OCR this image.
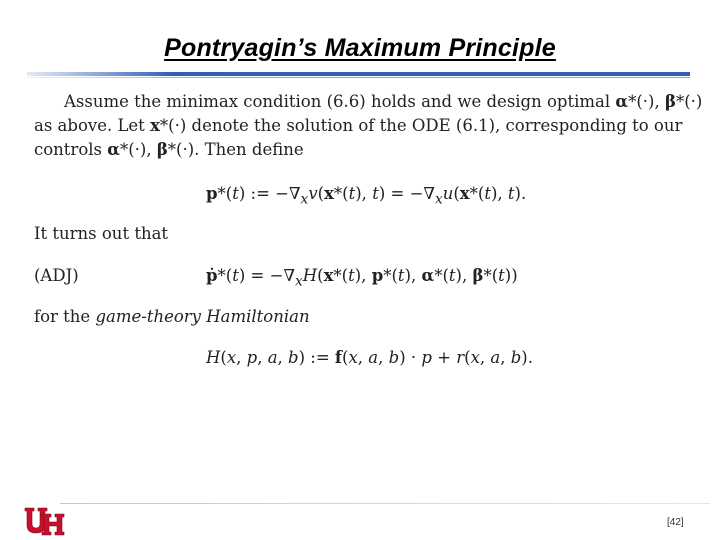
Pontryagin’s Maximum Principle
Assume the minimax condition (6.6) holds and we design optimal α*(·), β*(·)
as above. Let x*(·) denote the solution of the ODE (6.1), corresponding to our
controls α*(·), β*(·). Then define
p*(t) := $-\nabla_xv(x*(t)$, $t) = -\nabla_xu(x*(t)$, t).
It turns out that
(ADJ)	ṗ*(t) = $-\nabla_xH(x*(t)$, p*(t), α*(t), β*(t))
for the game-theory Hamiltonian
H(x, p, a, b) := f(x, a, b) · p + r(x, a, b).
[42]
